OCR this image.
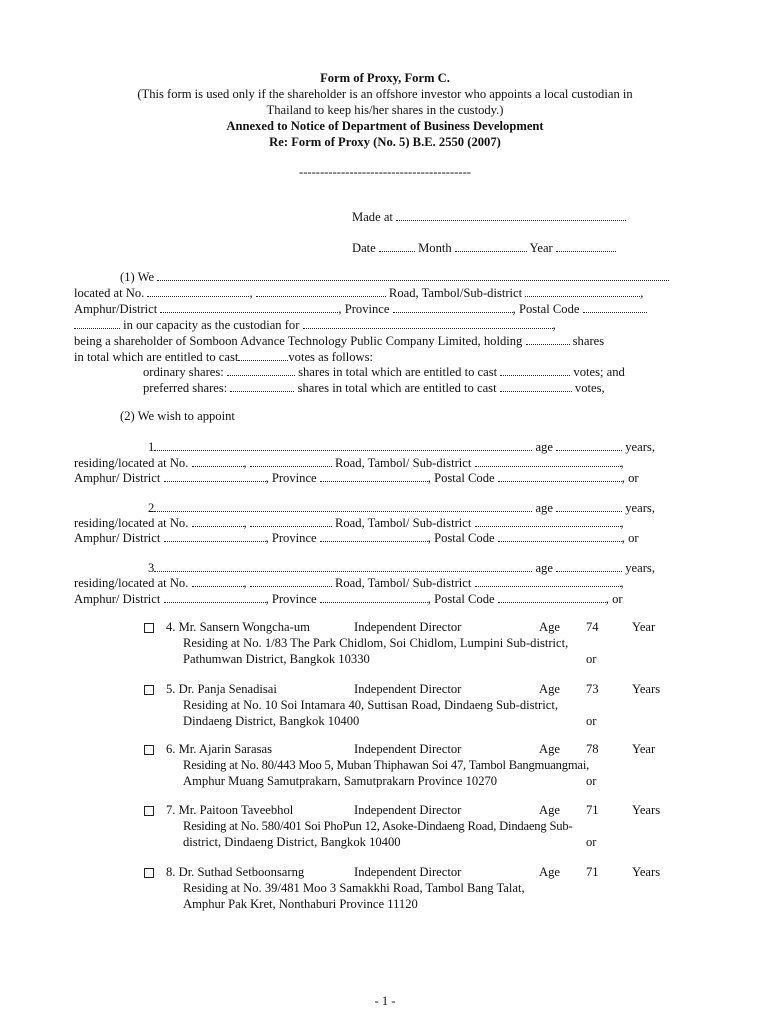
Form of Proxy, Form C.
(This form is used only if the shareholder is an offshore investor who appoints a local custodian in
Thailand to keep his/her shares in the custody.)
Annexed to Notice of Department of Business Development
Re: Form of Proxy (No. 5) B.E. 2550 (2007)
-----------------------------------------
Made at
Date	Month	Year
(1) We
located at No.	,	Road, Tambol/Sub-district	,
Amphur/District	, Province	, Postal Code
in our capacity as the custodian for	,
being a shareholder of Somboon Advance Technology Public Company Limited, holding	shares
in total which are entitled to cast	votes as follows:
ordinary shares:	shares in total which are entitled to cast	votes; and
preferred shares:	shares in total which are entitled to cast	votes,
(2) We wish to appoint
1	age	years,
residing/located at No.	,	Road, Tambol/ Sub-district	,
Amphur/ District	, Province	, Postal Code	, or
2	age	years,
residing/located at No.	,	Road, Tambol/ Sub-district	,
Amphur/ District	, Province	, Postal Code	, or
3	age	years,
residing/located at No.	,	Road, Tambol/ Sub-district	,
Amphur/ District	, Province	, Postal Code	, or
4. Mr. Sansern Wongcha-um	Independent Director	Age 74	Year
Residing at No. 1/83 The Park Chidlom, Soi Chidlom, Lumpini Sub-district,
Pathumwan District, Bangkok 10330	or
5. Dr. Panja Senadisai	Independent Director	Age 73	Years
Residing at No. 10 Soi Intamara 40, Suttisan Road, Dindaeng Sub-district,
Dindaeng District, Bangkok 10400	or
6. Mr. Ajarin Sarasas	Independent Director	Age 78	Year
Residing at No. 80/443 Moo 5, Muban Thiphawan Soi 47, Tambol Bangmuangmai,
Amphur Muang Samutprakarn, Samutprakarn Province 10270	or
7. Mr. Paitoon Taveebhol	Independent Director	Age 71	Years
Residing at No. 580/401 Soi PhoPun 12, Asoke-Dindaeng Road, Dindaeng Sub-
district, Dindaeng District, Bangkok 10400	or
8. Dr. Suthad Setboonsarng	Independent Director	Age 71	Years
Residing at No. 39/481 Moo 3 Samakkhi Road, Tambol Bang Talat,
Amphur Pak Kret, Nonthaburi Province 11120
- 1 -
